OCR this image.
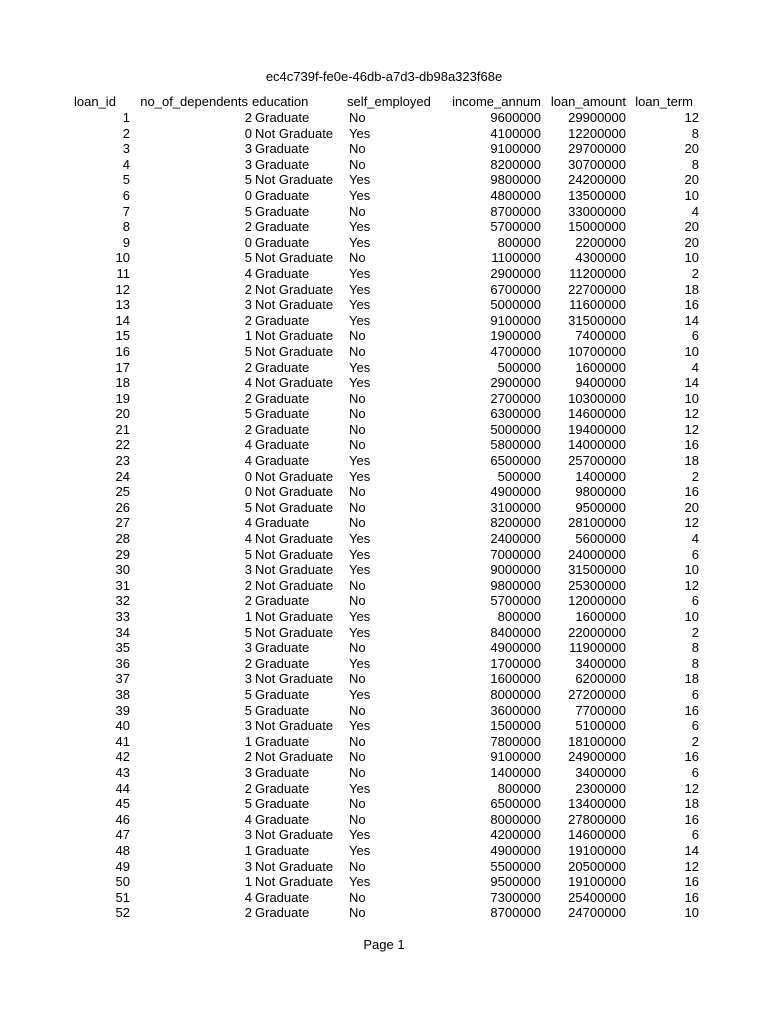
ec4c739f-fe0e-46db-a7d3-db98a323f68e
loan_id	no_of_dependents	education	self_employed	income_annum	loan_amount	loan_term
1	2	Graduate	No	9600000	29900000	12
2	0	Not Graduate	Yes	4100000	12200000	8
3	3	Graduate	No	9100000	29700000	20
4	3	Graduate	No	8200000	30700000	8
5	5	Not Graduate	Yes	9800000	24200000	20
6	0	Graduate	Yes	4800000	13500000	10
7	5	Graduate	No	8700000	33000000	4
8	2	Graduate	Yes	5700000	15000000	20
9	0	Graduate	Yes	800000	2200000	20
10	5	Not Graduate	No	1100000	4300000	10
11	4	Graduate	Yes	2900000	11200000	2
12	2	Not Graduate	Yes	6700000	22700000	18
13	3	Not Graduate	Yes	5000000	11600000	16
14	2	Graduate	Yes	9100000	31500000	14
15	1	Not Graduate	No	1900000	7400000	6
16	5	Not Graduate	No	4700000	10700000	10
17	2	Graduate	Yes	500000	1600000	4
18	4	Not Graduate	Yes	2900000	9400000	14
19	2	Graduate	No	2700000	10300000	10
20	5	Graduate	No	6300000	14600000	12
21	2	Graduate	No	5000000	19400000	12
22	4	Graduate	No	5800000	14000000	16
23	4	Graduate	Yes	6500000	25700000	18
24	0	Not Graduate	Yes	500000	1400000	2
25	0	Not Graduate	No	4900000	9800000	16
26	5	Not Graduate	No	3100000	9500000	20
27	4	Graduate	No	8200000	28100000	12
28	4	Not Graduate	Yes	2400000	5600000	4
29	5	Not Graduate	Yes	7000000	24000000	6
30	3	Not Graduate	Yes	9000000	31500000	10
31	2	Not Graduate	No	9800000	25300000	12
32	2	Graduate	No	5700000	12000000	6
33	1	Not Graduate	Yes	800000	1600000	10
34	5	Not Graduate	Yes	8400000	22000000	2
35	3	Graduate	No	4900000	11900000	8
36	2	Graduate	Yes	1700000	3400000	8
37	3	Not Graduate	No	1600000	6200000	18
38	5	Graduate	Yes	8000000	27200000	6
39	5	Graduate	No	3600000	7700000	16
40	3	Not Graduate	Yes	1500000	5100000	6
41	1	Graduate	No	7800000	18100000	2
42	2	Not Graduate	No	9100000	24900000	16
43	3	Graduate	No	1400000	3400000	6
44	2	Graduate	Yes	800000	2300000	12
45	5	Graduate	No	6500000	13400000	18
46	4	Graduate	No	8000000	27800000	16
47	3	Not Graduate	Yes	4200000	14600000	6
48	1	Graduate	Yes	4900000	19100000	14
49	3	Not Graduate	No	5500000	20500000	12
50	1	Not Graduate	Yes	9500000	19100000	16
51	4	Graduate	No	7300000	25400000	16
52	2	Graduate	No	8700000	24700000	10
Page 1
